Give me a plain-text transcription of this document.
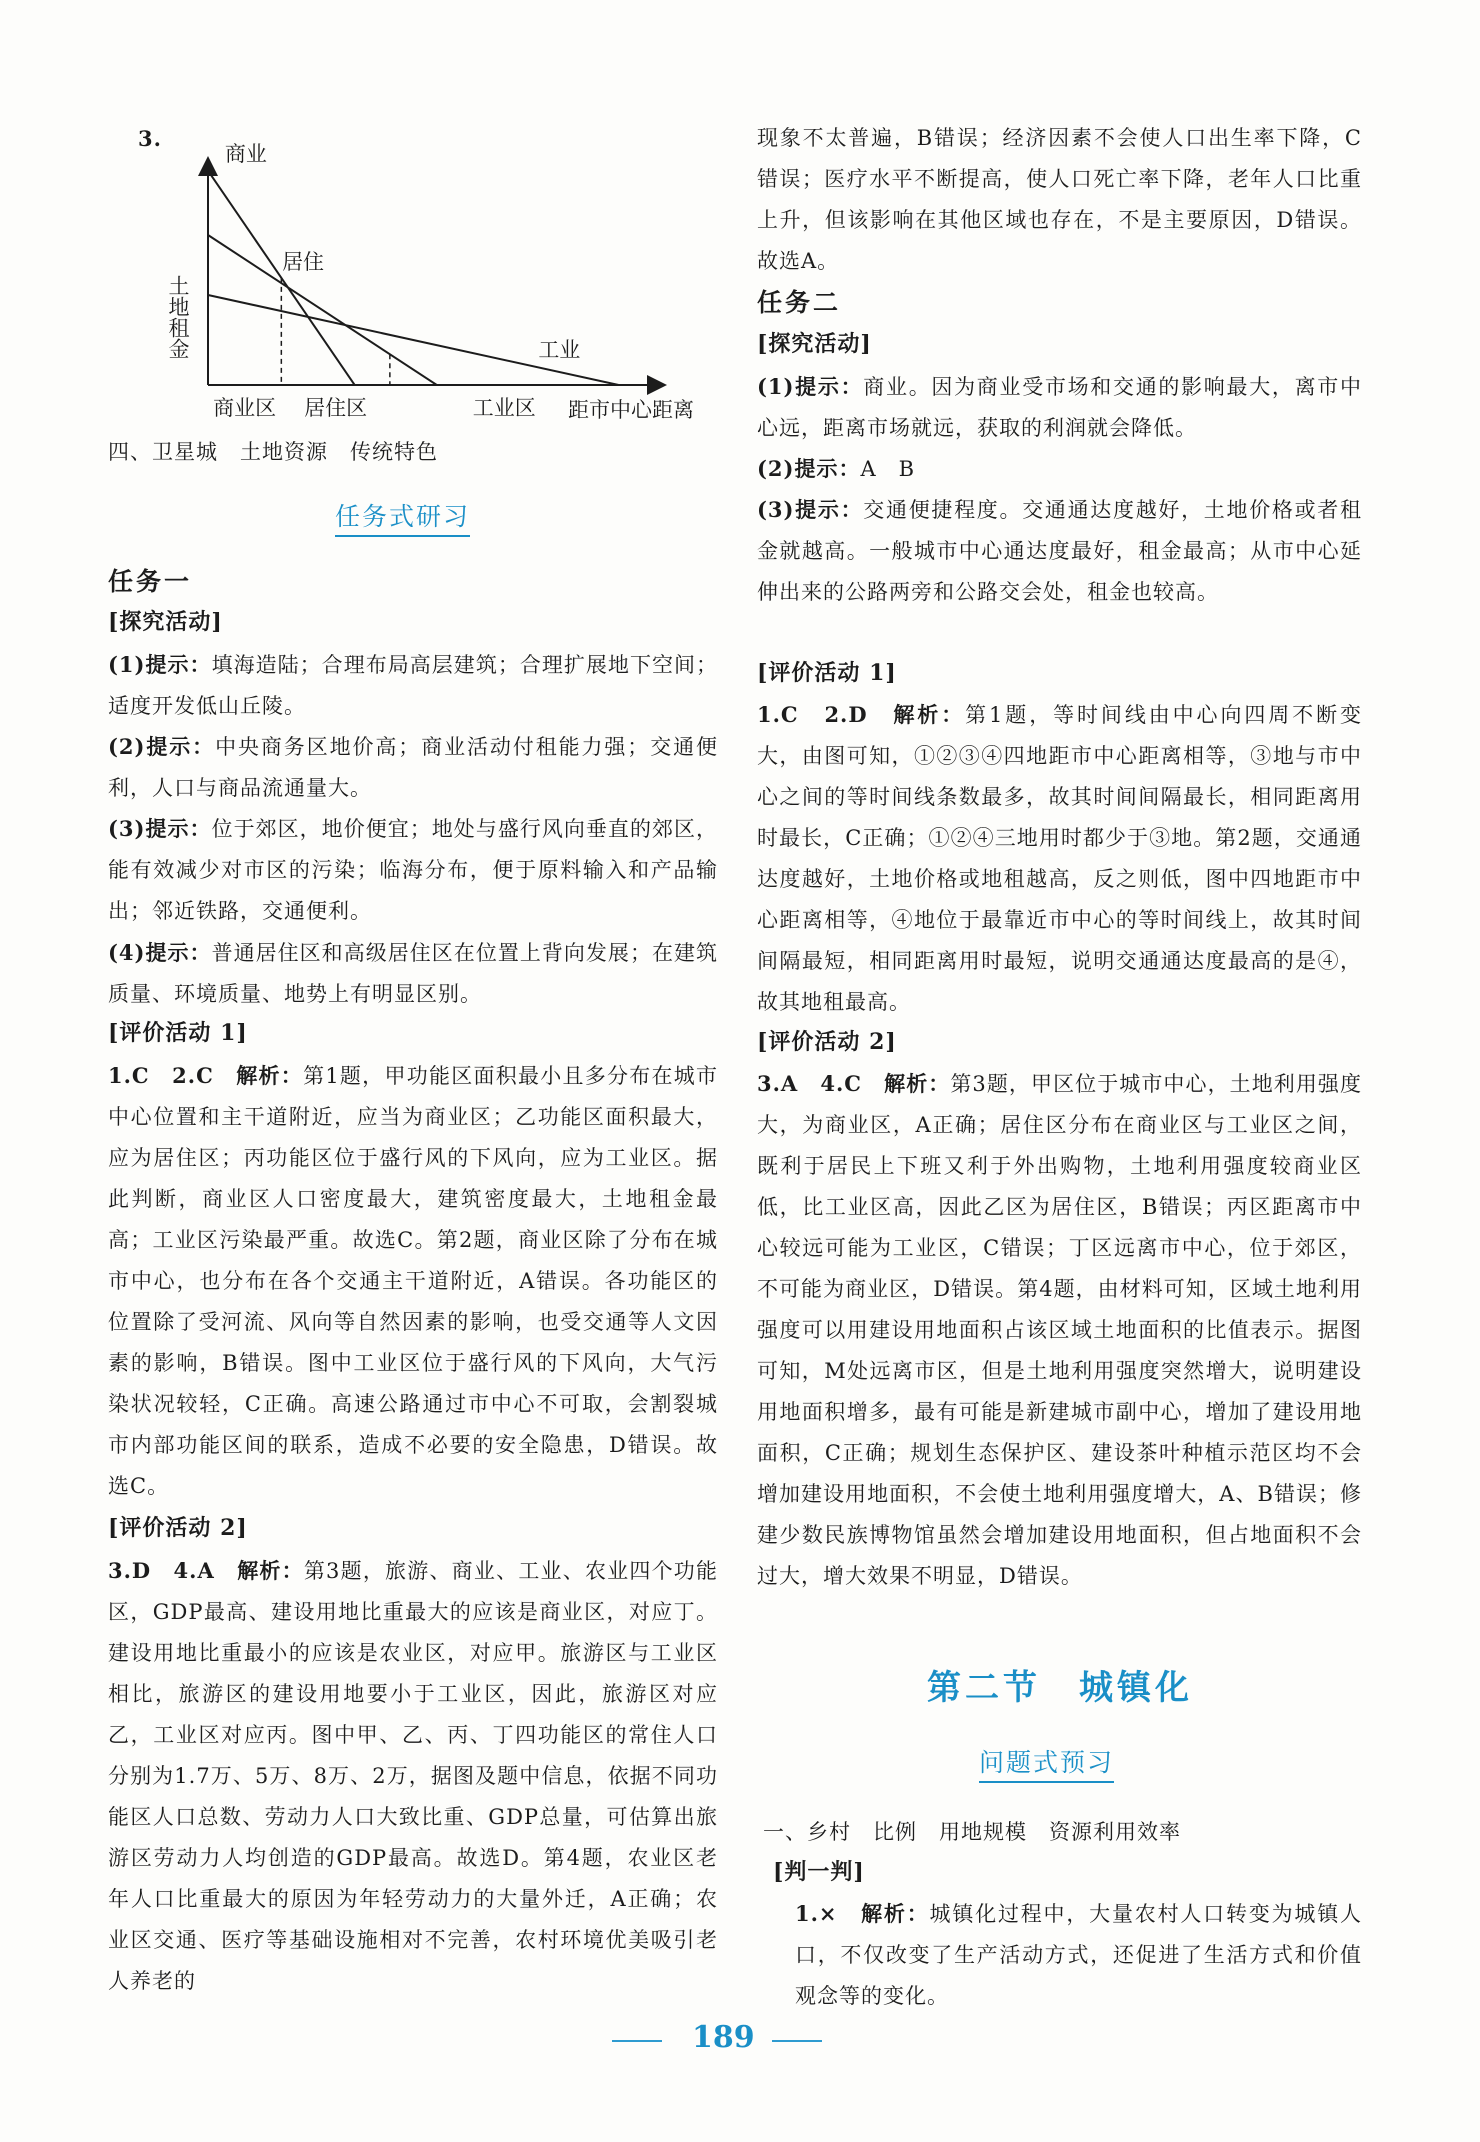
3.
土地租金
距市中心距离
商业
居住
工业
商业区 居住区	工业区
四、卫星城　土地资源　传统特色
任务式研习
任务一
[探究活动]
(1)提示：填海造陆；合理布局高层建筑；合理扩展地下空间；适度开发低山丘陵。
(2)提示：中央商务区地价高；商业活动付租能力强；交通便利，人口与商品流通量大。
(3)提示：位于郊区，地价便宜；地处与盛行风向垂直的郊区，能有效减少对市区的污染；临海分布，便于原料输入和产品输出；邻近铁路，交通便利。
(4)提示：普通居住区和高级居住区在位置上背向发展；在建筑质量、环境质量、地势上有明显区别。
[评价活动 1]
1.C　2.C　解析：第1题，甲功能区面积最小且多分布在城市中心位置和主干道附近，应当为商业区；乙功能区面积最大，应为居住区；丙功能区位于盛行风的下风向，应为工业区。据此判断，商业区人口密度最大，建筑密度最大，土地租金最高；工业区污染最严重。故选C。第2题，商业区除了分布在城市中心，也分布在各个交通主干道附近，A错误。各功能区的位置除了受河流、风向等自然因素的影响，也受交通等人文因素的影响，B错误。图中工业区位于盛行风的下风向，大气污染状况较轻，C正确。高速公路通过市中心不可取，会割裂城市内部功能区间的联系，造成不必要的安全隐患，D错误。故选C。
[评价活动 2]
3.D　4.A　解析：第3题，旅游、商业、工业、农业四个功能区，GDP最高、建设用地比重最大的应该是商业区，对应丁。建设用地比重最小的应该是农业区，对应甲。旅游区与工业区相比，旅游区的建设用地要小于工业区，因此，旅游区对应乙，工业区对应丙。图中甲、乙、丙、丁四功能区的常住人口分别为1.7万、5万、8万、2万，据图及题中信息，依据不同功能区人口总数、劳动力人口大致比重、GDP总量，可估算出旅游区劳动力人均创造的GDP最高。故选D。第4题，农业区老年人口比重最大的原因为年轻劳动力的大量外迁，A正确；农业区交通、医疗等基础设施相对不完善，农村环境优美吸引老人养老的
现象不太普遍，B错误；经济因素不会使人口出生率下降，C错误；医疗水平不断提高，使人口死亡率下降，老年人口比重上升，但该影响在其他区域也存在，不是主要原因，D错误。故选A。
任务二
[探究活动]
(1)提示：商业。因为商业受市场和交通的影响最大，离市中心远，距离市场就远，获取的利润就会降低。
(2)提示：A　B
(3)提示：交通便捷程度。交通通达度越好，土地价格或者租金就越高。一般城市中心通达度最好，租金最高；从市中心延伸出来的公路两旁和公路交会处，租金也较高。
[评价活动 1]
1.C　2.D　解析：第1题，等时间线由中心向四周不断变大，由图可知，①②③④四地距市中心距离相等，③地与市中心之间的等时间线条数最多，故其时间间隔最长，相同距离用时最长，C正确；①②④三地用时都少于③地。第2题，交通通达度越好，土地价格或地租越高，反之则低，图中四地距市中心距离相等，④地位于最靠近市中心的等时间线上，故其时间间隔最短，相同距离用时最短，说明交通通达度最高的是④，故其地租最高。
[评价活动 2]
3.A　4.C　解析：第3题，甲区位于城市中心，土地利用强度大，为商业区，A正确；居住区分布在商业区与工业区之间，既利于居民上下班又利于外出购物，土地利用强度较商业区低，比工业区高，因此乙区为居住区，B错误；丙区距离市中心较远可能为工业区，C错误；丁区远离市中心，位于郊区，不可能为商业区，D错误。第4题，由材料可知，区域土地利用强度可以用建设用地面积占该区域土地面积的比值表示。据图可知，M处远离市区，但是土地利用强度突然增大，说明建设用地面积增多，最有可能是新建城市副中心，增加了建设用地面积，C正确；规划生态保护区、建设茶叶种植示范区均不会增加建设用地面积，不会使土地利用强度增大，A、B错误；修建少数民族博物馆虽然会增加建设用地面积，但占地面积不会过大，增大效果不明显，D错误。
第二节　城镇化
问题式预习
一、乡村　比例　用地规模　资源利用效率
[判一判]
1.×　解析：城镇化过程中，大量农村人口转变为城镇人口，不仅改变了生产活动方式，还促进了生活方式和价值观念等的变化。
189
